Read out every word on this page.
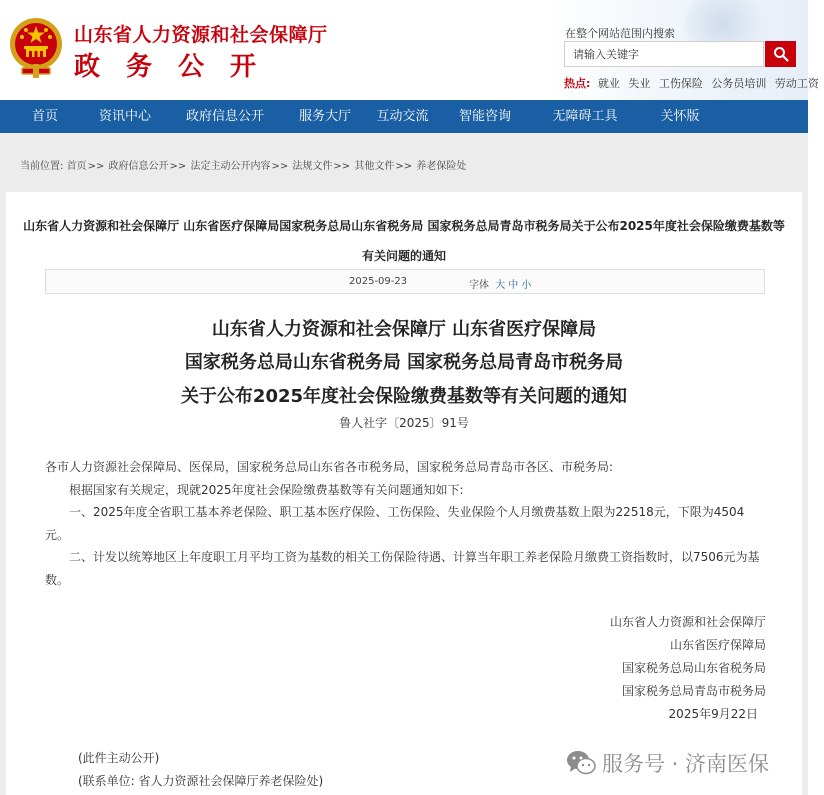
山东省人力资源和社会保障厅
政务公开
在整个网站范围内搜索
请输入关键字
热点: 就业 失业 工伤保险 公务员培训 劳动工资
首页	资讯中心	政府信息公开	服务大厅	互动交流	智能咨询	无障碍工具	关怀版
当前位置: 首页>> 政府信息公开>> 法定主动公开内容>> 法规文件>> 其他文件>> 养老保险处
山东省人力资源和社会保障厅 山东省医疗保障局国家税务总局山东省税务局 国家税务总局青岛市税务局关于公布2025年度社会保险缴费基数等有关问题的通知
2025-09-23	字体 大 中 小
山东省人力资源和社会保障厅 山东省医疗保障局
国家税务总局山东省税务局 国家税务总局青岛市税务局
关于公布2025年度社会保险缴费基数等有关问题的通知
鲁人社字〔2025〕91号
各市人力资源社会保障局、医保局，国家税务总局山东省各市税务局，国家税务总局青岛市各区、市税务局:
根据国家有关规定，现就2025年度社会保险缴费基数等有关问题通知如下:
一、2025年度全省职工基本养老保险、职工基本医疗保险、工伤保险、失业保险个人月缴费基数上限为22518元，下限为4504元。
二、计发以统筹地区上年度职工月平均工资为基数的相关工伤保险待遇、计算当年职工养老保险月缴费工资指数时，以7506元为基数。
山东省人力资源和社会保障厅
山东省医疗保障局
国家税务总局山东省税务局
国家税务总局青岛市税务局
2025年9月22日
(此件主动公开)
(联系单位: 省人力资源社会保障厅养老保险处)
服务号 · 济南医保
